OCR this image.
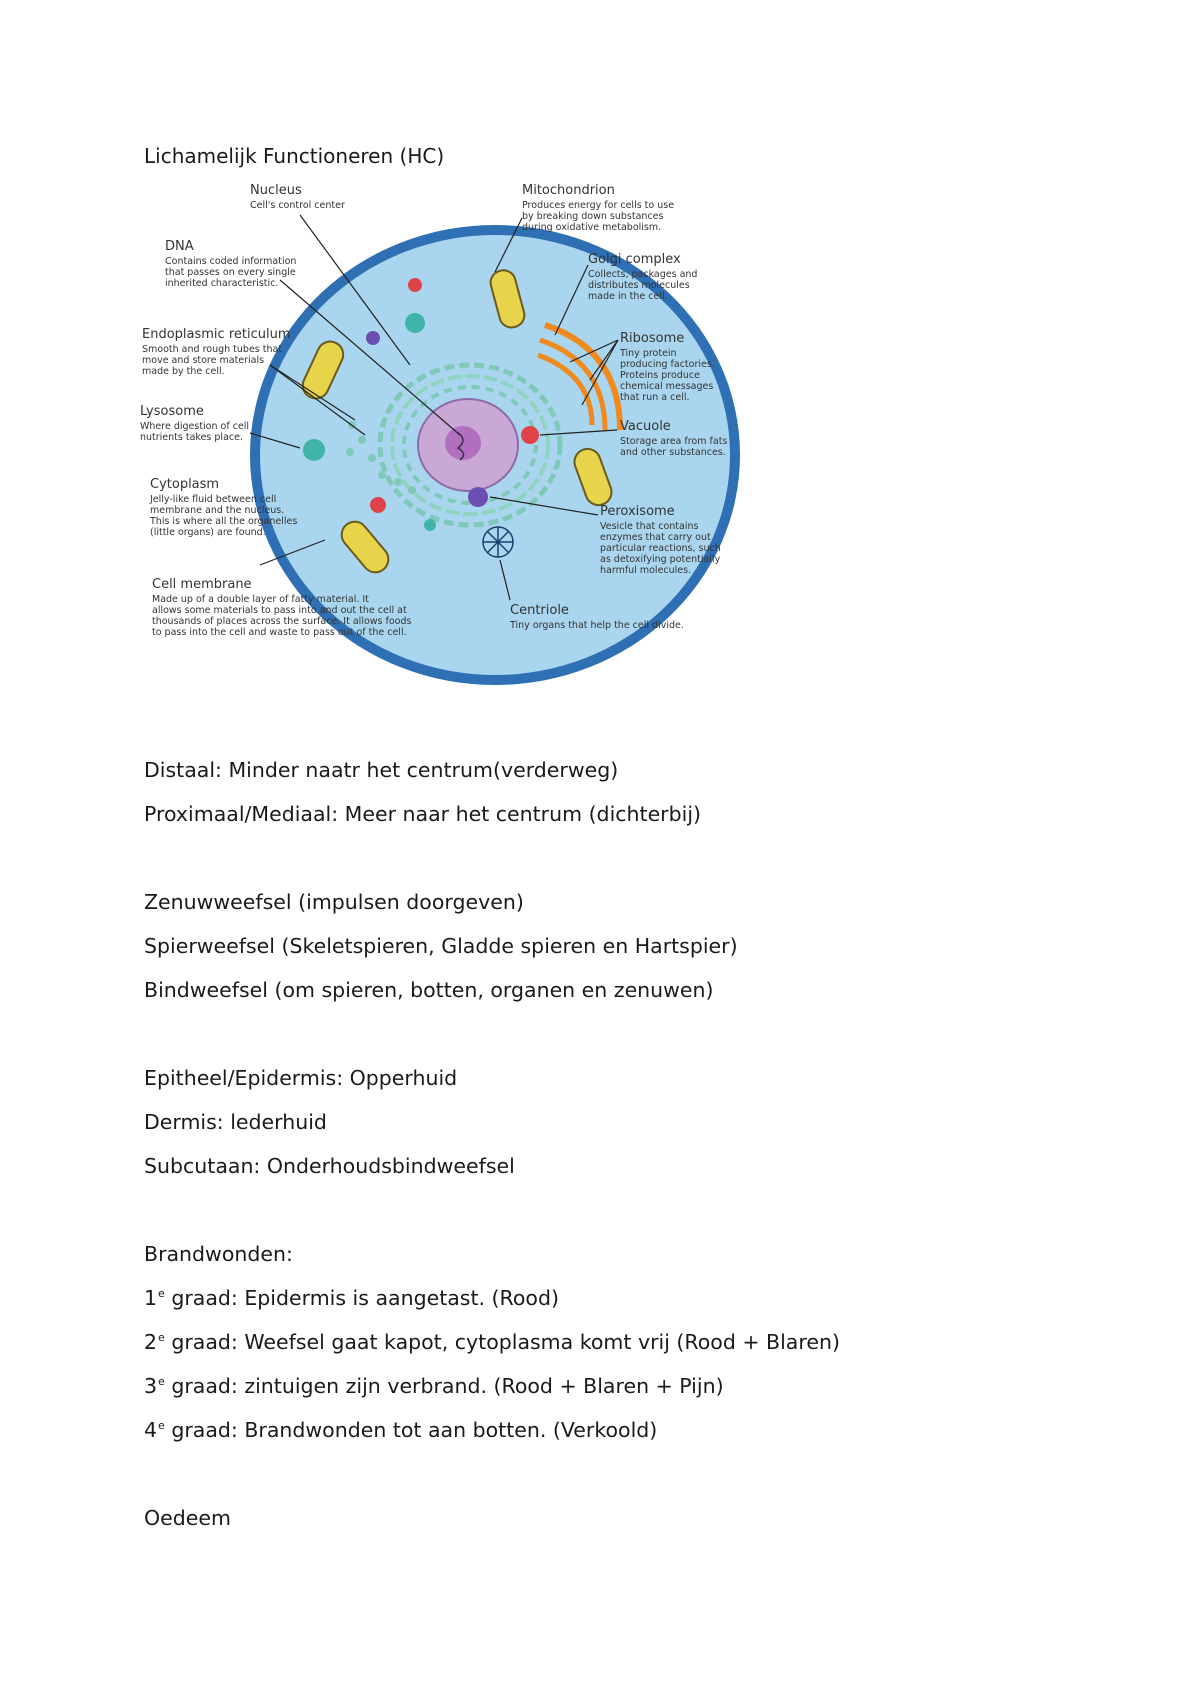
Lichamelijk Functioneren (HC)
Nucleus
Cell's control center
DNA
Contains coded information
that passes on every single
inherited characteristic.
Endoplasmic reticulum
Smooth and rough tubes that
move and store materials
made by the cell.
Lysosome
Where digestion of cell
nutrients takes place.
Cytoplasm
Jelly-like fluid between cell
membrane and the nucleus.
This is where all the organelles
(little organs) are found.
Cell membrane
Made up of a double layer of fatty material. It
allows some materials to pass into and out the cell at
thousands of places across the surface. It allows foods
to pass into the cell and waste to pass out of the cell.
Mitochondrion
Produces energy for cells to use
by breaking down substances
during oxidative metabolism.
Golgi complex
Collects, packages and
distributes molecules
made in the cell.
Ribosome
Tiny protein
producing factories.
Proteins produce
chemical messages
that run a cell.
Vacuole
Storage area from fats
and other substances.
Peroxisome
Vesicle that contains
enzymes that carry out
particular reactions, such
as detoxifying potentially
harmful molecules.
Centriole
Tiny organs that help the cell divide.
Distaal: Minder naatr het centrum(verderweg)
Proximaal/Mediaal: Meer naar het centrum (dichterbij)
Zenuwweefsel (impulsen doorgeven)
Spierweefsel (Skeletspieren, Gladde spieren en Hartspier)
Bindweefsel (om spieren, botten, organen en zenuwen)
Epitheel/Epidermis: Opperhuid
Dermis: lederhuid
Subcutaan: Onderhoudsbindweefsel
Brandwonden:
1e graad: Epidermis is aangetast. (Rood)
2e graad: Weefsel gaat kapot, cytoplasma komt vrij (Rood + Blaren)
3e graad: zintuigen zijn verbrand. (Rood + Blaren + Pijn)
4e graad: Brandwonden tot aan botten. (Verkoold)
Oedeem
